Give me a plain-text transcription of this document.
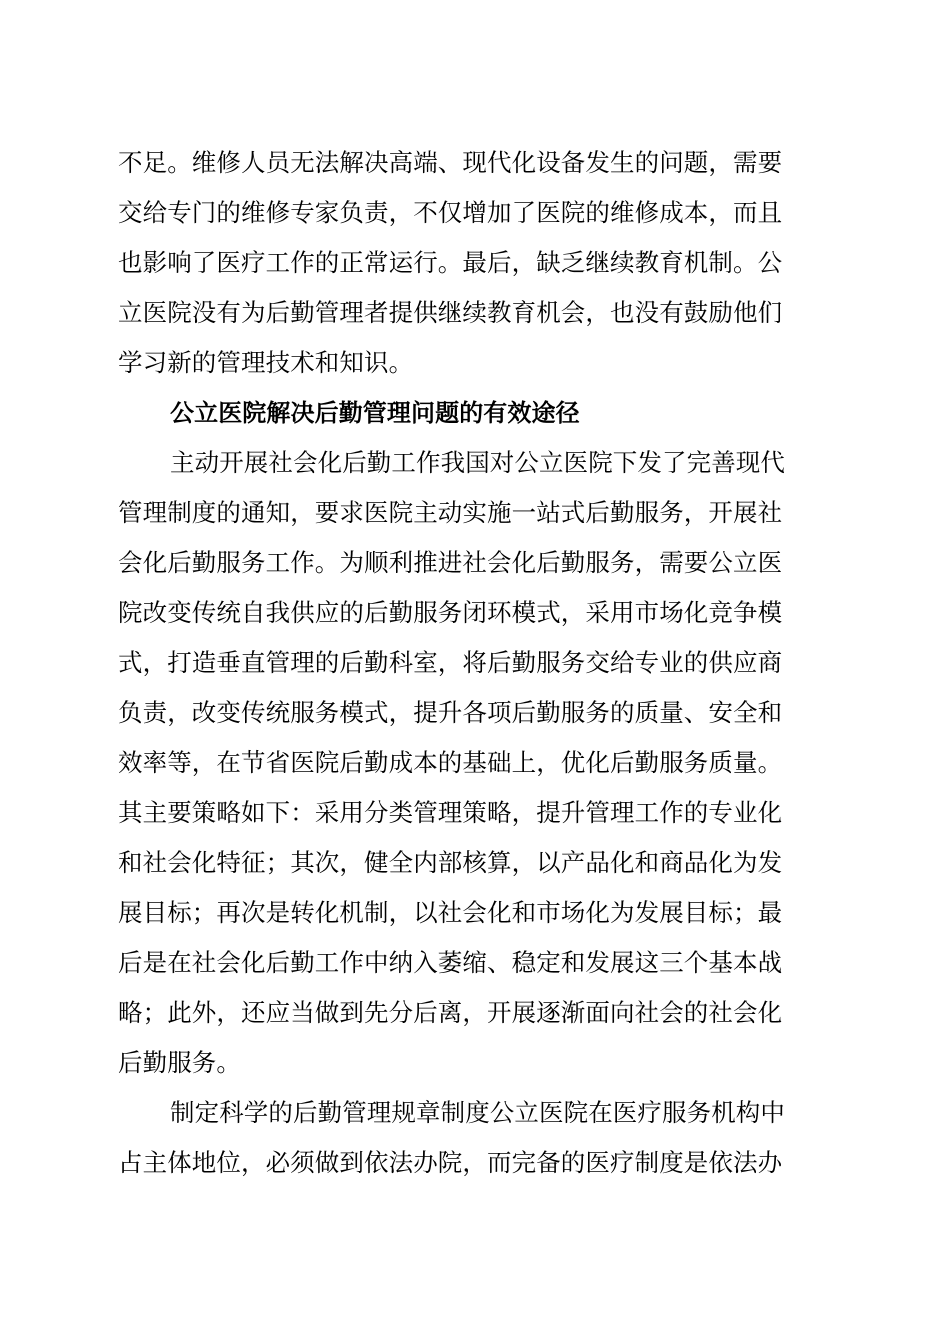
不足。维修人员无法解决高端、现代化设备发生的问题，需要
交给专门的维修专家负责，不仅增加了医院的维修成本，而且
也影响了医疗工作的正常运行。最后，缺乏继续教育机制。公
立医院没有为后勤管理者提供继续教育机会，也没有鼓励他们
学习新的管理技术和知识。
公立医院解决后勤管理问题的有效途径
主动开展社会化后勤工作我国对公立医院下发了完善现代
管理制度的通知，要求医院主动实施一站式后勤服务，开展社
会化后勤服务工作。为顺利推进社会化后勤服务，需要公立医
院改变传统自我供应的后勤服务闭环模式，采用市场化竞争模
式，打造垂直管理的后勤科室，将后勤服务交给专业的供应商
负责，改变传统服务模式，提升各项后勤服务的质量、安全和
效率等，在节省医院后勤成本的基础上，优化后勤服务质量。
其主要策略如下：采用分类管理策略，提升管理工作的专业化
和社会化特征；其次，健全内部核算，以产品化和商品化为发
展目标；再次是转化机制，以社会化和市场化为发展目标；最
后是在社会化后勤工作中纳入萎缩、稳定和发展这三个基本战
略；此外，还应当做到先分后离，开展逐渐面向社会的社会化
后勤服务。
制定科学的后勤管理规章制度公立医院在医疗服务机构中
占主体地位，必须做到依法办院，而完备的医疗制度是依法办
